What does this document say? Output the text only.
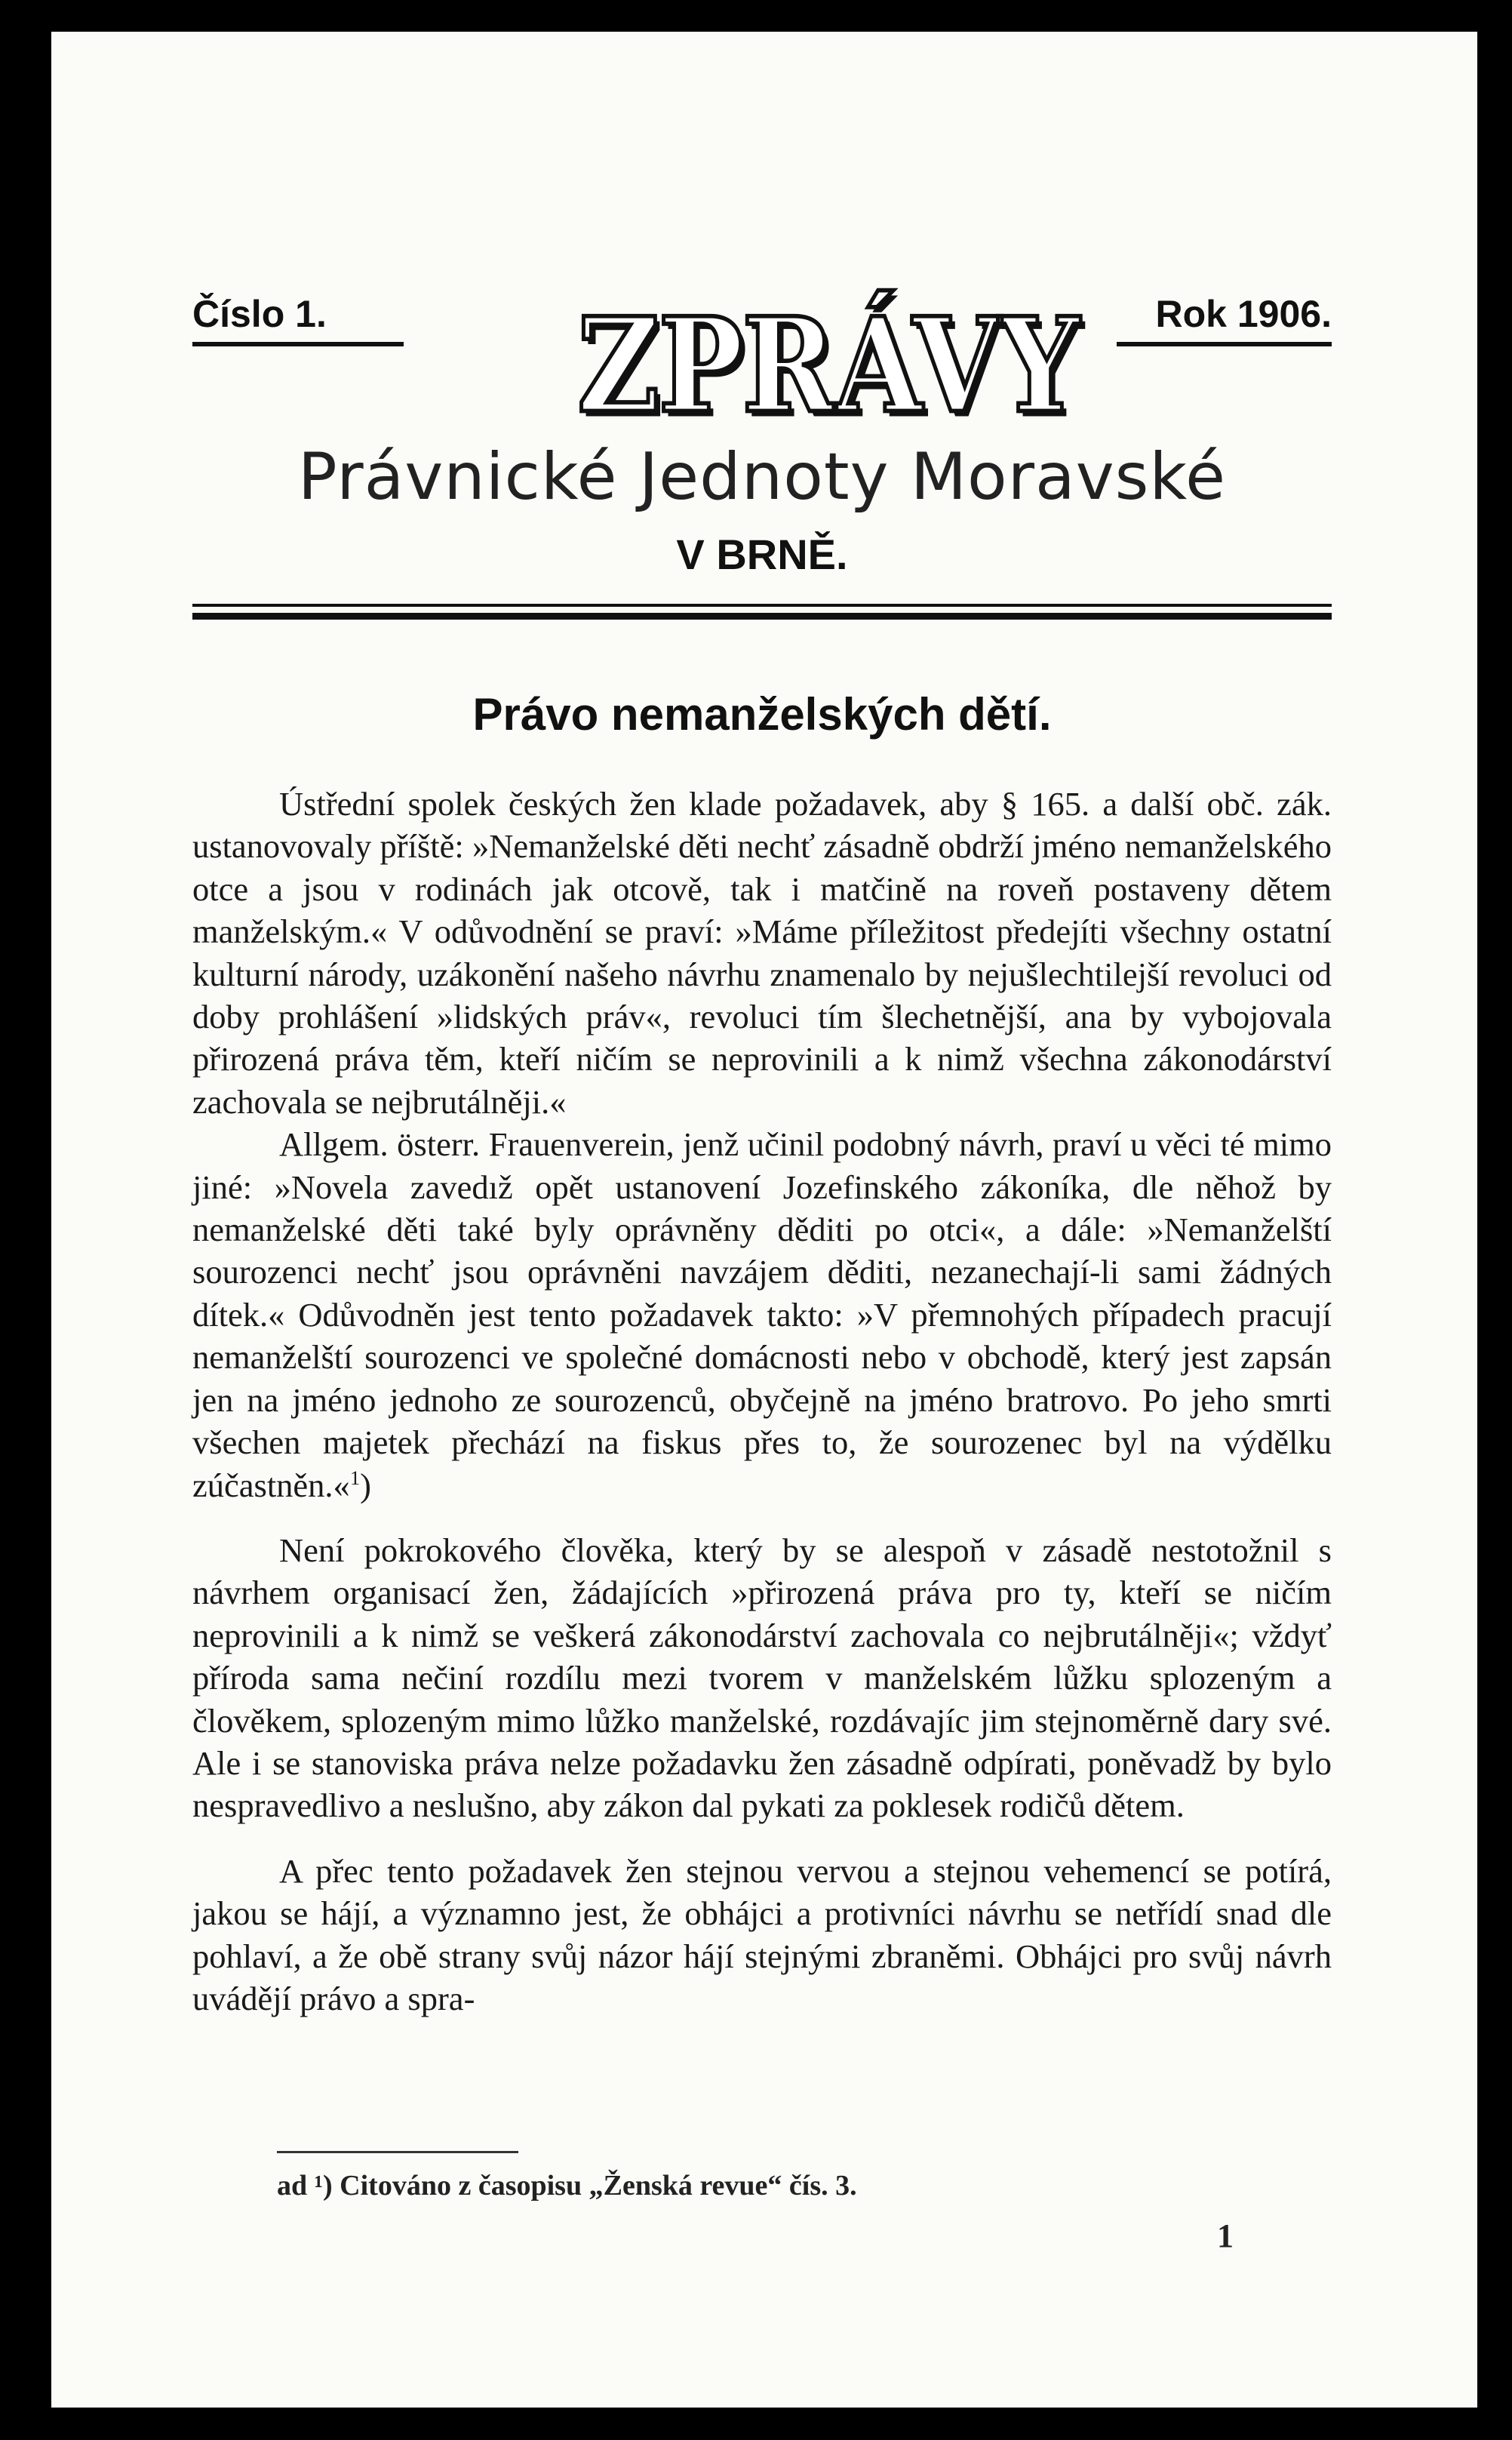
Číslo 1.	ZPRÁVY	Rok 1906.
Právnické Jednoty Moravské
V BRNĚ.
Právo nemanželských dětí.

Ústřední spolek českých žen klade požadavek, aby § 165. a další obč. zák. ustanovovaly příště: »Nemanželské děti nechť zásadně obdrží jméno nemanželského otce a jsou v rodinách jak otcově, tak i matčině na roveň postaveny dětem manželským.« V odůvodnění se praví: »Máme příležitost předejíti všechny ostatní kulturní národy, uzákonění našeho návrhu znamenalo by nejušlechtilejší revoluci od doby prohlášení »lidských práv«, revoluci tím šlechetnější, ana by vybojovala přirozená práva těm, kteří ničím se neprovinili a k nimž všechna zákonodárství zachovala se nejbrutálněji.«

Allgem. österr. Frauenverein, jenž učinil podobný návrh, praví u věci té mimo jiné: »Novela zavedıž opět ustanovení Jozefinského zákoníka, dle něhož by nemanželské děti také byly oprávněny děditi po otci«, a dále: »Nemanželští sourozenci nechť jsou oprávněni navzájem děditi, nezanechají-li sami žádných dítek.« Odůvodněn jest tento požadavek takto: »V přemnohých případech pracují nemanželští sourozenci ve společné domácnosti nebo v obchodě, který jest zapsán jen na jméno jednoho ze sourozenců, obyčejně na jméno bratrovo. Po jeho smrti všechen majetek přechází na fiskus přes to, že sourozenec byl na výdělku zúčastněn.«$^1$)

Není pokrokového člověka, který by se alespoň v zásadě nestotožnil s návrhem organisací žen, žádajících »přirozená práva pro ty, kteří se ničím neprovinili a k nimž se veškerá zákonodárství zachovala co nejbrutálněji«; vždyť příroda sama nečiní rozdílu mezi tvorem v manželském lůžku splozeným a člověkem, splozeným mimo lůžko manželské, rozdávajíc jim stejnoměrně dary své. Ale i se stanoviska práva nelze požadavku žen zásadně odpírati, poněvadž by bylo nespravedlivo a neslušno, aby zákon dal pykati za poklesek rodičů dětem.

A přec tento požadavek žen stejnou vervou a stejnou vehemencí se potírá, jakou se hájí, a významno jest, že obhájci a protivníci návrhu se netřídí snad dle pohlaví, a že obě strany svůj názor hájí stejnými zbraněmi. Obhájci pro svůj návrh uvádějí právo a spra-

ad ¹) Citováno z časopisu „Ženská revue“ čís. 3.
1
